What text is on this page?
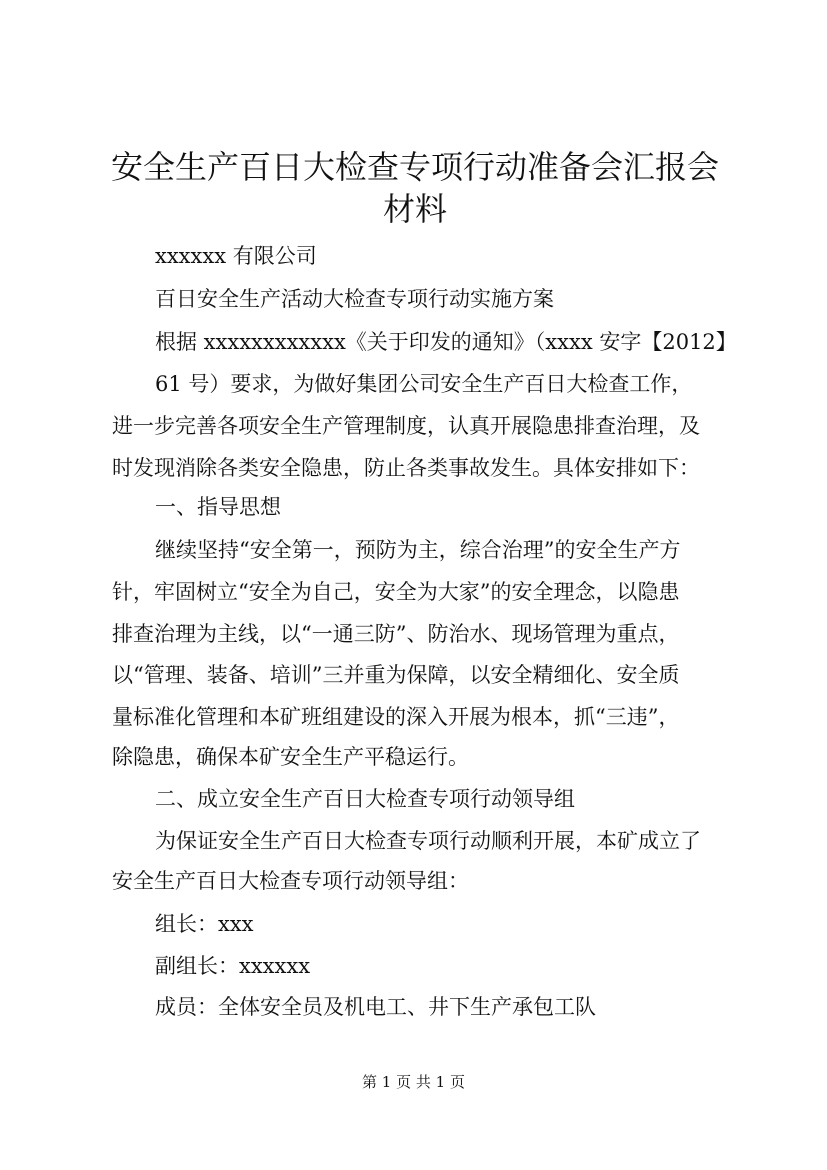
安全生产百日大检查专项行动准备会汇报会材料

xxxxxx 有限公司

百日安全生产活动大检查专项行动实施方案

根据 xxxxxxxxxxxx《关于印发的通知》（xxxx 安字【2012】

61 号）要求，为做好集团公司安全生产百日大检查工作，

进一步完善各项安全生产管理制度，认真开展隐患排查治理，及

时发现消除各类安全隐患，防止各类事故发生。具体安排如下：

一、指导思想

继续坚持“安全第一，预防为主，综合治理”的安全生产方

针，牢固树立“安全为自己，安全为大家”的安全理念，以隐患

排查治理为主线，以“一通三防”、防治水、现场管理为重点，

以“管理、装备、培训”三并重为保障，以安全精细化、安全质

量标准化管理和本矿班组建设的深入开展为根本，抓“三违”，

除隐患，确保本矿安全生产平稳运行。

二、成立安全生产百日大检查专项行动领导组

为保证安全生产百日大检查专项行动顺利开展，本矿成立了

安全生产百日大检查专项行动领导组：

组长：xxx

副组长：xxxxxx

成员：全体安全员及机电工、井下生产承包工队

第 1 页 共 1 页
